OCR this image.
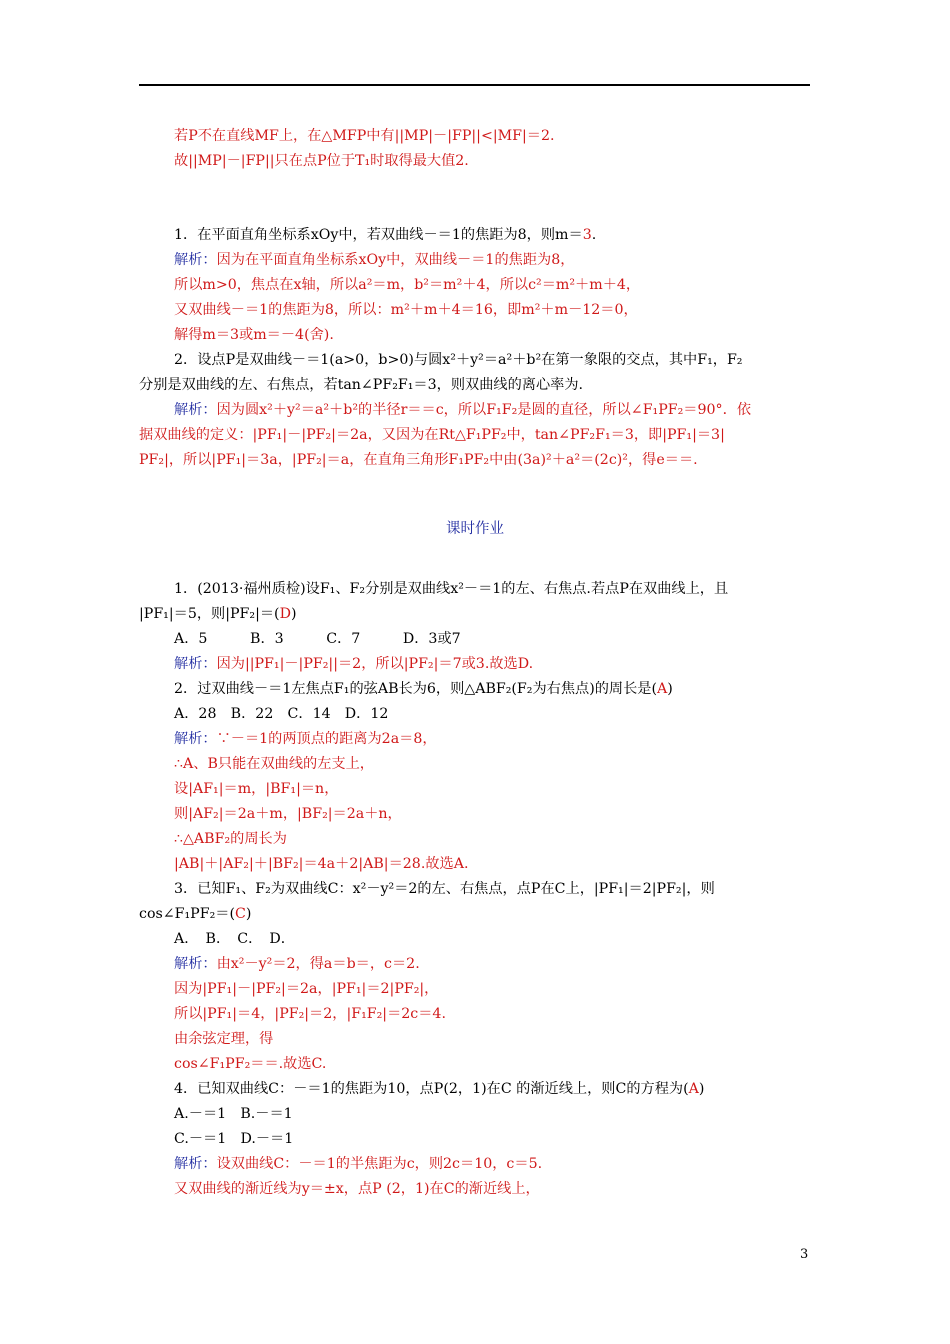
若P不在直线MF上，在△MFP中有||MP|－|FP||<|MF|＝2.
故||MP|－|FP||只在点P位于T₁时取得最大值2.
1．在平面直角坐标系xOy中，若双曲线－＝1的焦距为8，则m＝3.
解析：因为在平面直角坐标系xOy中，双曲线－＝1的焦距为8，
所以m>0，焦点在x轴，所以a²＝m，b²＝m²＋4，所以c²＝m²＋m＋4，
又双曲线－＝1的焦距为8，所以：m²＋m＋4＝16，即m²＋m－12＝0，
解得m＝3或m＝－4(舍).
2．设点P是双曲线－＝1(a>0，b>0)与圆x²＋y²＝a²＋b²在第一象限的交点，其中F₁，F₂
分别是双曲线的左、右焦点，若tan∠PF₂F₁＝3，则双曲线的离心率为.
解析：因为圆x²＋y²＝a²＋b²的半径r＝＝c，所以F₁F₂是圆的直径，所以∠F₁PF₂＝90°．依
据双曲线的定义：|PF₁|－|PF₂|＝2a，又因为在Rt△F₁PF₂中，tan∠PF₂F₁＝3，即|PF₁|＝3|
PF₂|，所以|PF₁|＝3a，|PF₂|＝a，在直角三角形F₁PF₂中由(3a)²＋a²＝(2c)²，得e＝＝.
课时作业
1．(2013·福州质检)设F₁、F₂分别是双曲线x²－＝1的左、右焦点.若点P在双曲线上，且
|PF₁|＝5，则|PF₂|＝(D)
A．5　　　B．3　　　C．7　　　D．3或7
解析：因为||PF₁|－|PF₂||＝2，所以|PF₂|＝7或3.故选D.
2．过双曲线－＝1左焦点F₁的弦AB长为6，则△ABF₂(F₂为右焦点)的周长是(A)
A．28　B．22　C．14　D．12
解析：∵－＝1的两顶点的距离为2a＝8，
∴A、B只能在双曲线的左支上，
设|AF₁|＝m，|BF₁|＝n，
则|AF₂|＝2a＋m，|BF₂|＝2a＋n，
∴△ABF₂的周长为
|AB|＋|AF₂|＋|BF₂|＝4a＋2|AB|＝28.故选A.
3．已知F₁、F₂为双曲线C：x²－y²＝2的左、右焦点，点P在C上，|PF₁|＝2|PF₂|，则
cos∠F₁PF₂＝(C)
A．　B．　C．　D．
解析：由x²－y²＝2，得a＝b＝，c＝2.
因为|PF₁|－|PF₂|＝2a，|PF₁|＝2|PF₂|，
所以|PF₁|＝4，|PF₂|＝2，|F₁F₂|＝2c＝4.
由余弦定理，得
cos∠F₁PF₂＝＝.故选C.
4．已知双曲线C：－＝1的焦距为10，点P(2，1)在C 的渐近线上，则C的方程为(A)
A.－＝1　B.－＝1
C.－＝1　D.－＝1
解析：设双曲线C：－＝1的半焦距为c，则2c＝10，c＝5.
又双曲线的渐近线为y＝±x，点P (2，1)在C的渐近线上，
3
